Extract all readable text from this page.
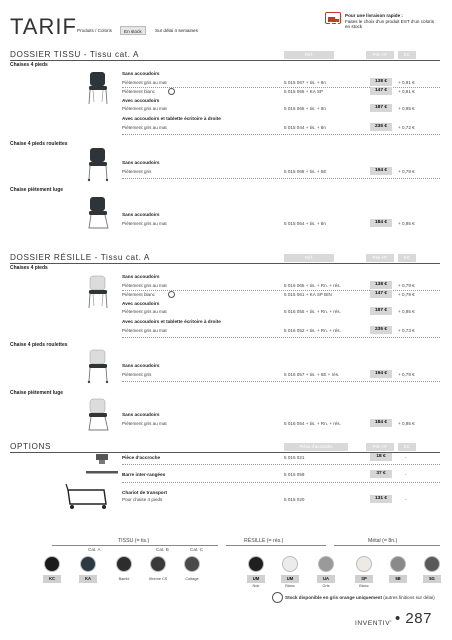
TARIF Produits / Coloris	En stock	Sur délai 4 semaines
Pour une livraison rapide :
Faites le choix d'un produit EST d'un coloris en stock
DOSSIER TISSU - Tissu cat. A	Réf.	Prix HT	EC
Chaises 4 pieds
Sans accoudoirs
Piètement gris au mat	5 015 067 + tis. + 8n	138 €	+ 0,91 €
Piètement blanc	5 015 066 + KA SP	147 €	+ 0,91 €
Avec accoudoirs
Piètement gris au mat	5 015 065 + tis. + 8n	187 €	+ 0,95 €
Avec accoudoirs et tablette écritoire à droite
Piètement gris au mat	5 015 044 + tis. + 8n	235 €	+ 0,72 €
Chaise 4 pieds roulettes
Sans accoudoirs
Piètement gris	5 015 068 + tis. + 5E	194 €	+ 0,79 €
Chaise piètement luge
Sans accoudoirs
Piètement gris au mat	5 015 064 + tis. + 8n	184 €	+ 0,95 €
DOSSIER RÉSILLE - Tissu cat. A	Réf.	Prix HT	EC
Chaises 4 pieds
Sans accoudoirs
Piètement gris au mat	5 016 065 + tis. + Rn. + rés.	138 €	+ 0,79 €
Piètement blanc	5 015 061 + KA SP BIN	147 €	+ 0,79 €
Avec accoudoirs
Piètement gris au mat	5 016 055 + tis. + Rn. + rés.	187 €	+ 0,95 €
Avec accoudoirs et tablette écritoire à droite
Piètement gris au mat	5 016 052 + tis. + Rn. + rés.	235 €	+ 0,73 €
Chaise 4 pieds roulettes
Sans accoudoirs
Piètement gris	5 016 057 + tis. + 5E + rés.	194 €	+ 0,79 €
Chaise piètement luge
Sans accoudoirs
Piètement gris au mat	5 016 054 + tis. + Rn. + rés.	184 €	+ 0,95 €
OPTIONS	Pièce d'accroche	Prix HT	EC
Pièce d'accroche	5 015 021	18 €	-
Barre inter-rangées	5 015 059	37 €	-
Chariot de transport
Pour chaise 4 pieds	5 015 020	131 €	-
TISSU (= tis.)	RÉSILLE (= rés.)	Métal (= 8n.)
Cat. A	Cat. B	Cat. C
KC	KA	Bambi	Xtreme CS	Cottage	UM
Noir
UM
Blanc
UA
Gris
SP
Blanc
5B	5G
Stock disponible en gris orange uniquement (autres finitions sur délai)
INVENTIV' • 287
